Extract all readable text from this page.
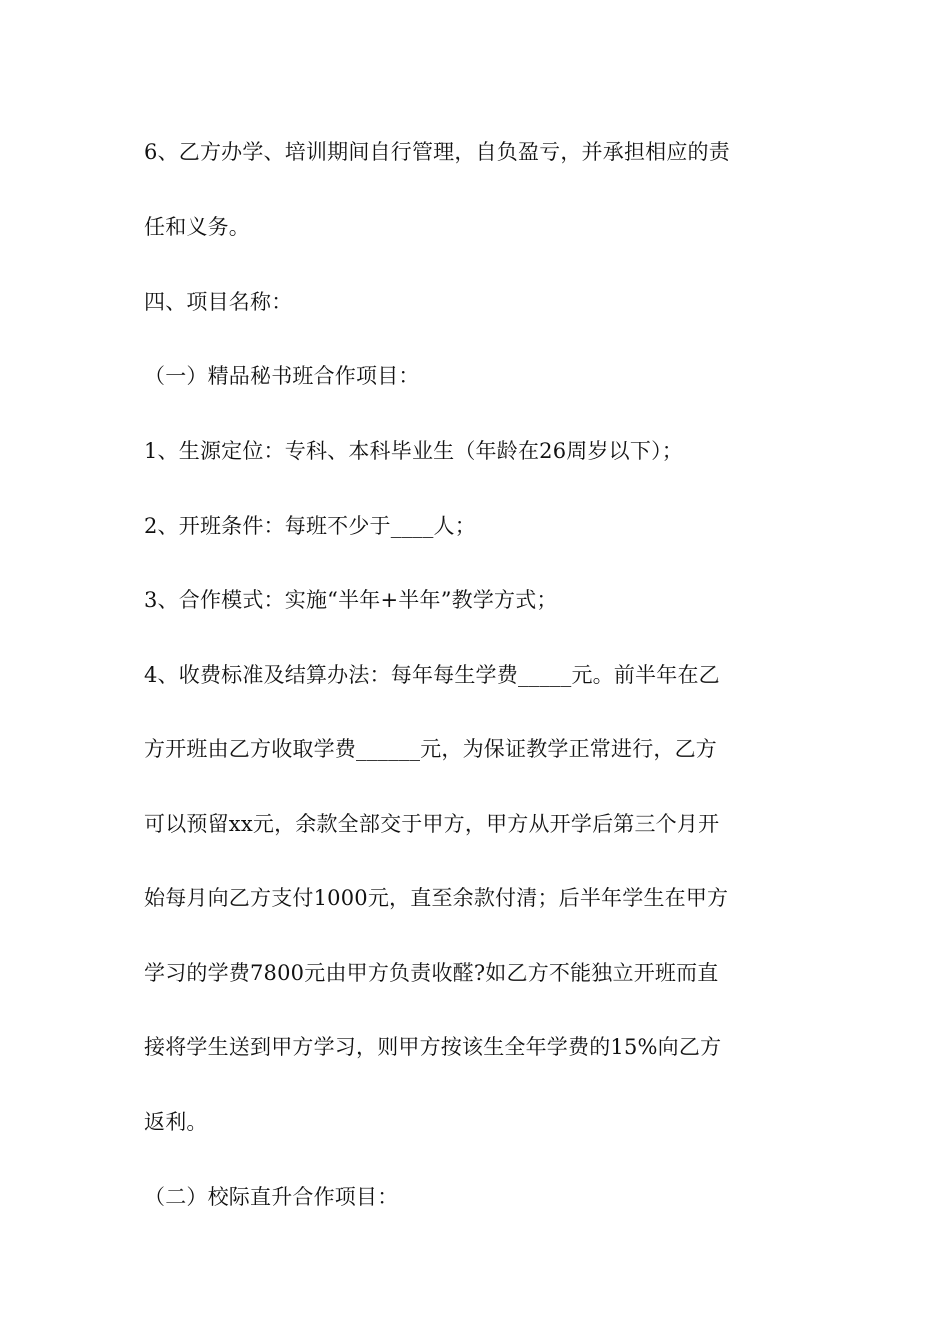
6、乙方办学、培训期间自行管理，自负盈亏，并承担相应的责
任和义务。
四、项目名称：
（一）精品秘书班合作项目：
1、生源定位：专科、本科毕业生（年龄在26周岁以下）；
2、开班条件：每班不少于____人；
3、合作模式：实施“半年+半年”教学方式；
4、收费标准及结算办法：每年每生学费_____元。前半年在乙
方开班由乙方收取学费______元，为保证教学正常进行，乙方
可以预留xx元，余款全部交于甲方，甲方从开学后第三个月开
始每月向乙方支付1000元，直至余款付清；后半年学生在甲方
学习的学费7800元由甲方负责收醛?如乙方不能独立开班而直
接将学生送到甲方学习，则甲方按该生全年学费的15%向乙方
返利。
（二）校际直升合作项目：
